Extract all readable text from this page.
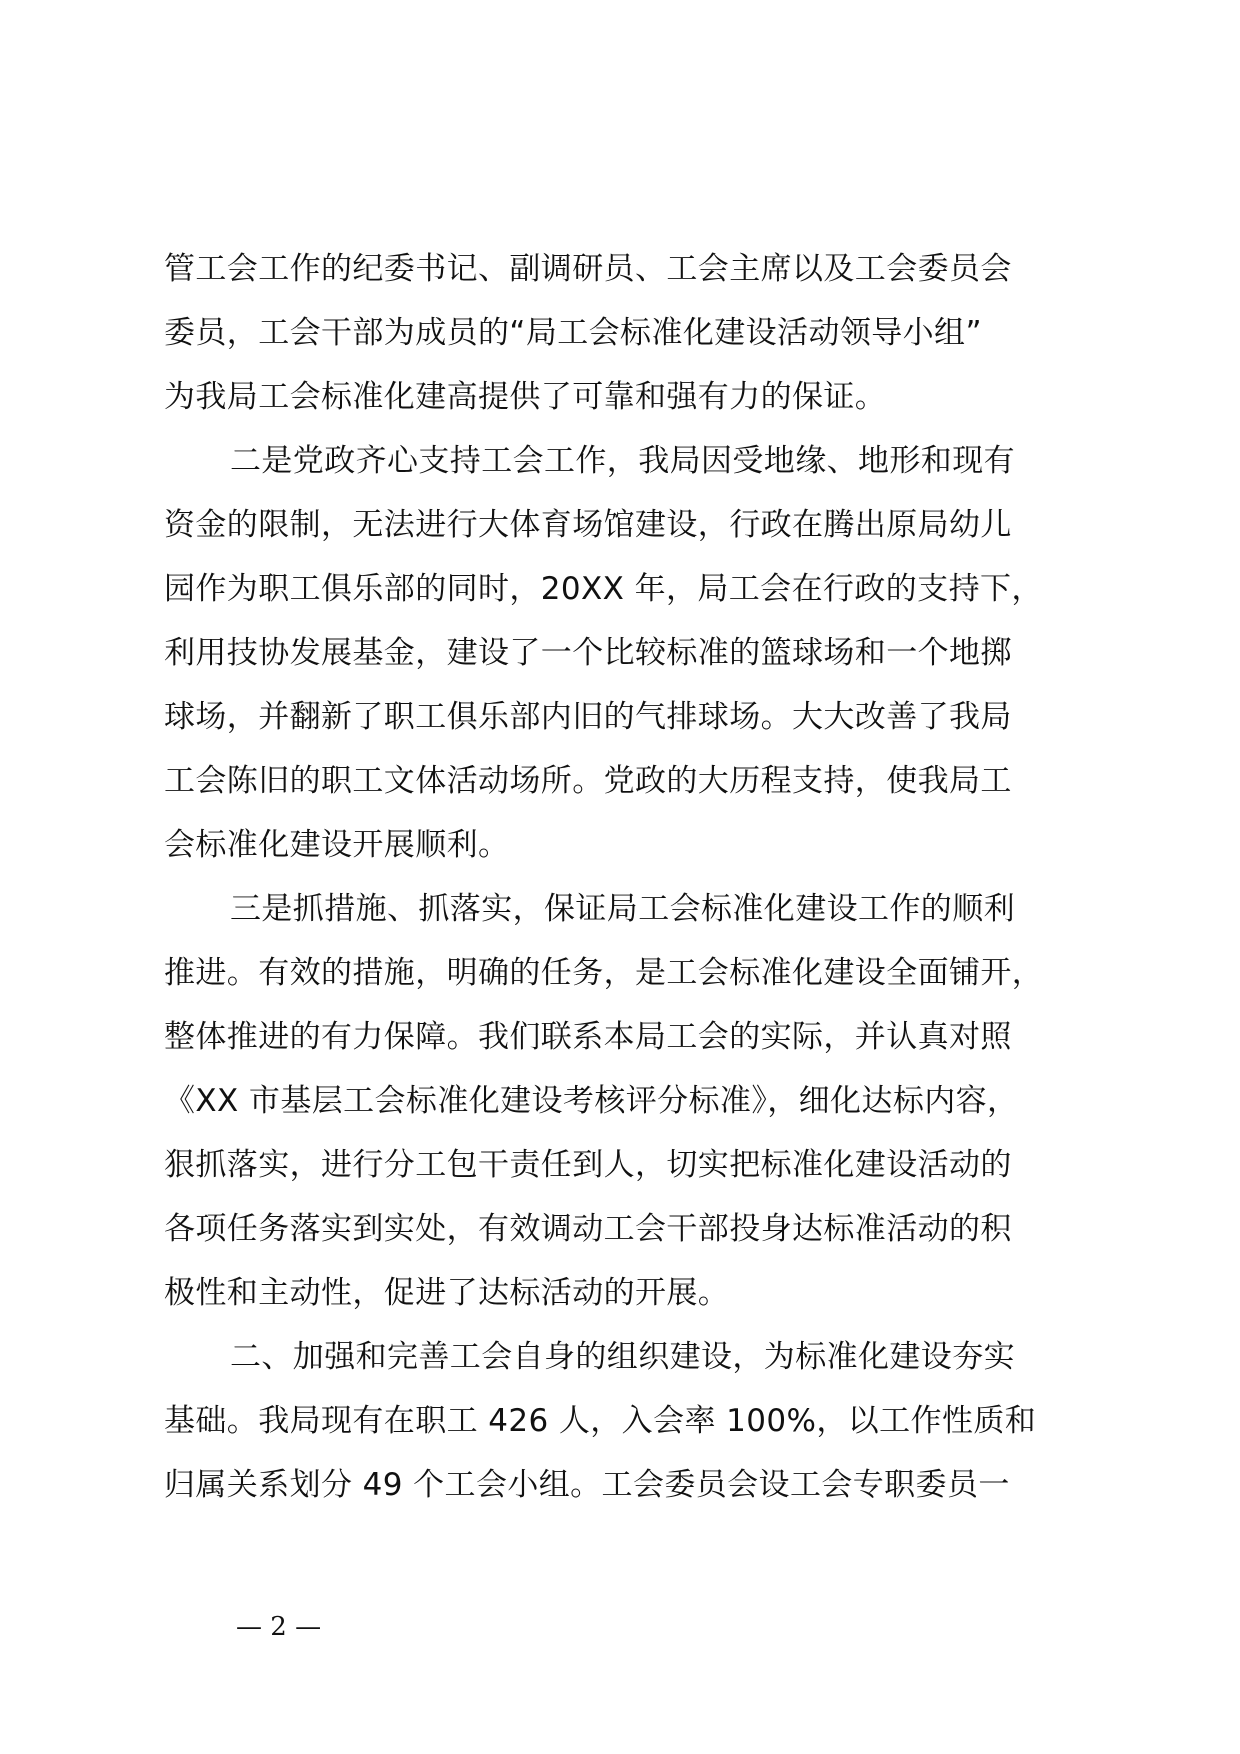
管工会工作的纪委书记、副调研员、工会主席以及工会委员会
委员，工会干部为成员的“局工会标准化建设活动领导小组”
为我局工会标准化建高提供了可靠和强有力的保证。
二是党政齐心支持工会工作，我局因受地缘、地形和现有
资金的限制，无法进行大体育场馆建设，行政在腾出原局幼儿
园作为职工俱乐部的同时，20XX 年，局工会在行政的支持下，
利用技协发展基金，建设了一个比较标准的篮球场和一个地掷
球场，并翻新了职工俱乐部内旧的气排球场。大大改善了我局
工会陈旧的职工文体活动场所。党政的大历程支持，使我局工
会标准化建设开展顺利。
三是抓措施、抓落实，保证局工会标准化建设工作的顺利
推进。有效的措施，明确的任务，是工会标准化建设全面铺开，
整体推进的有力保障。我们联系本局工会的实际，并认真对照
《XX 市基层工会标准化建设考核评分标准》，细化达标内容，
狠抓落实，进行分工包干责任到人，切实把标准化建设活动的
各项任务落实到实处，有效调动工会干部投身达标准活动的积
极性和主动性，促进了达标活动的开展。
二、加强和完善工会自身的组织建设，为标准化建设夯实
基础。我局现有在职工 426 人，入会率 100%，以工作性质和
归属关系划分 49 个工会小组。工会委员会设工会专职委员一
— 2 —
